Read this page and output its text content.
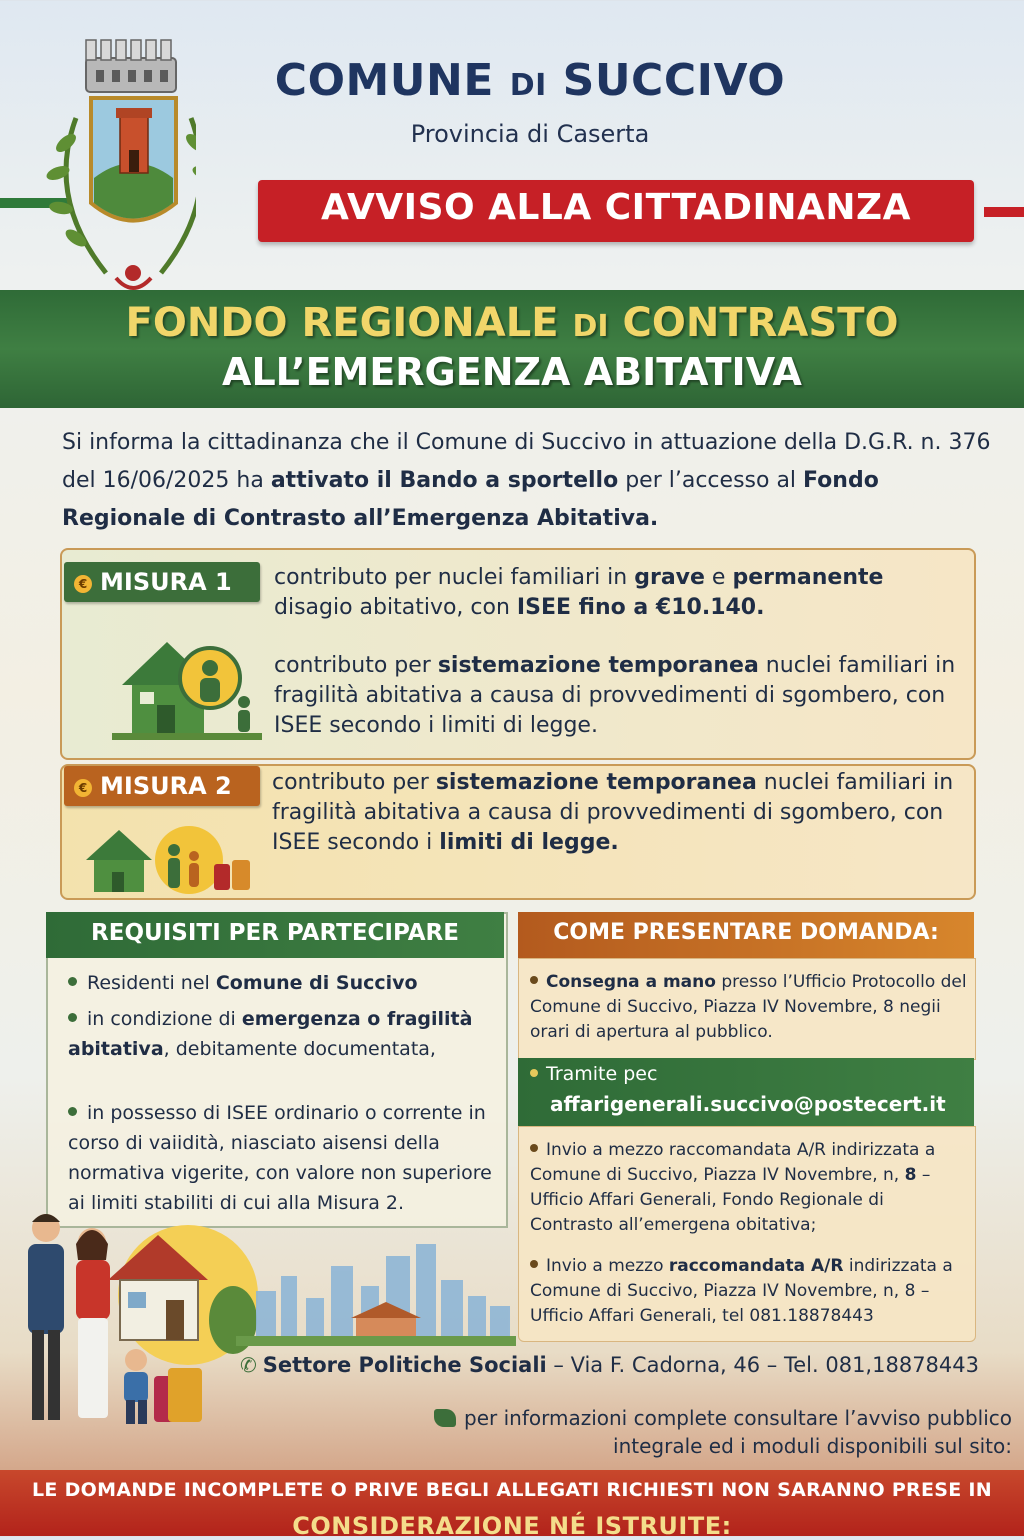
COMUNE DI SUCCIVO
Provincia di Caserta
AVVISO ALLA CITTADINANZA
FONDO REGIONALE DI CONTRASTO
ALL’EMERGENZA ABITATIVA
Si informa la cittadinanza che il Comune di Succivo in attuazione della D.G.R. n. 376 del 16/06/2025 ha attivato il Bando a sportello per l’accesso al Fondo Regionale di Contrasto all’Emergenza Abitativa.
€ MISURA 1	contributo per nuclei familiari in grave e permanente disagio abitativo, con ISEE fino a €10.140.
contributo per sistemazione temporanea nuclei familiari in fragilità abitativa a causa di provvedimenti di sgombero, con ISEE secondo i limiti di legge.
€ MISURA 2	contributo per sistemazione temporanea nuclei familiari in fragilità abitativa a causa di provvedimenti di sgombero, con ISEE secondo i limiti di legge.
REQUISITI PER PARTECIPARE
Residenti nel Comune di Succivo
in condizione di emergenza o fragilità abitativa, debitamente documentata,
in possesso di ISEE ordinario o corrente in corso di vaiidità, niasciato aisensi della normativa vigerite, con valore non superiore ai limiti stabiliti di cui alla Misura 2.
COME PRESENTARE DOMANDA:
Consegna a mano presso l’Ufficio Protocollo del Comune di Succivo, Piazza IV Novembre, 8 negii orari di apertura al pubblico.
Tramite pec
affarigenerali.succivo@postecert.it
Invio a mezzo raccomandata A/R indirizzata a Comune di Succivo, Piazza IV Novembre, n, 8 – Ufficio Affari Generali, Fondo Regionale di Contrasto all’emergena obitativa;
Invio a mezzo raccomandata A/R indirizzata a Comune di Succivo, Piazza IV Novembre, n, 8 – Ufficio Affari Generali, tel 081.18878443
✆ Settore Politiche Sociali – Via F. Cadorna, 46 – Tel. 081,18878443
per informazioni complete consultare l’avviso pubblico integrale ed i moduli disponibili sul sito:
LE DOMANDE INCOMPLETE O PRIVE BEGLI ALLEGATI RICHIESTI NON SARANNO PRESE IN
CONSIDERAZIONE NÉ ISTRUITE:
